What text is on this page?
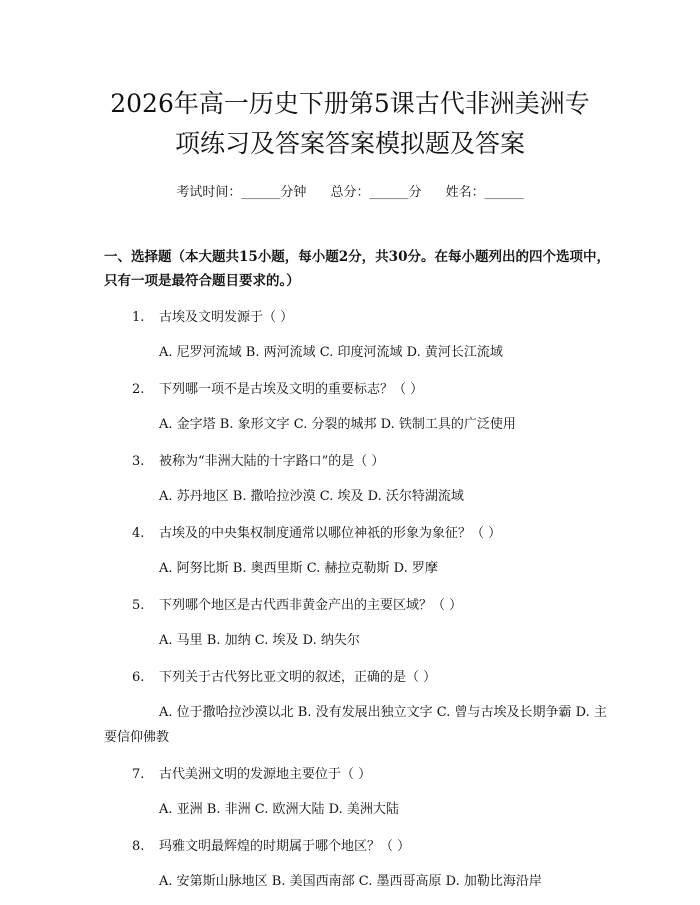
2026年高一历史下册第5课古代非洲美洲专
项练习及答案答案模拟题及答案
考试时间：______分钟 总分：______分 姓名：______
一、选择题（本大题共15小题，每小题2分，共30分。在每小题列出的四个选项中，只有一项是最符合题目要求的。）
1. 古埃及文明发源于（ ）
A. 尼罗河流域 B. 两河流域 C. 印度河流域 D. 黄河长江流域
2. 下列哪一项不是古埃及文明的重要标志？（ ）
A. 金字塔 B. 象形文字 C. 分裂的城邦 D. 铁制工具的广泛使用
3. 被称为“非洲大陆的十字路口”的是（ ）
A. 苏丹地区 B. 撒哈拉沙漠 C. 埃及 D. 沃尔特湖流域
4. 古埃及的中央集权制度通常以哪位神祇的形象为象征？（ ）
A. 阿努比斯 B. 奥西里斯 C. 赫拉克勒斯 D. 罗摩
5. 下列哪个地区是古代西非黄金产出的主要区域？（ ）
A. 马里 B. 加纳 C. 埃及 D. 纳失尔
6. 下列关于古代努比亚文明的叙述，正确的是（ ）
A. 位于撒哈拉沙漠以北 B. 没有发展出独立文字 C. 曾与古埃及长期争霸 D. 主要信仰佛教
7. 古代美洲文明的发源地主要位于（ ）
A. 亚洲 B. 非洲 C. 欧洲大陆 D. 美洲大陆
8. 玛雅文明最辉煌的时期属于哪个地区？（ ）
A. 安第斯山脉地区 B. 美国西南部 C. 墨西哥高原 D. 加勒比海沿岸
